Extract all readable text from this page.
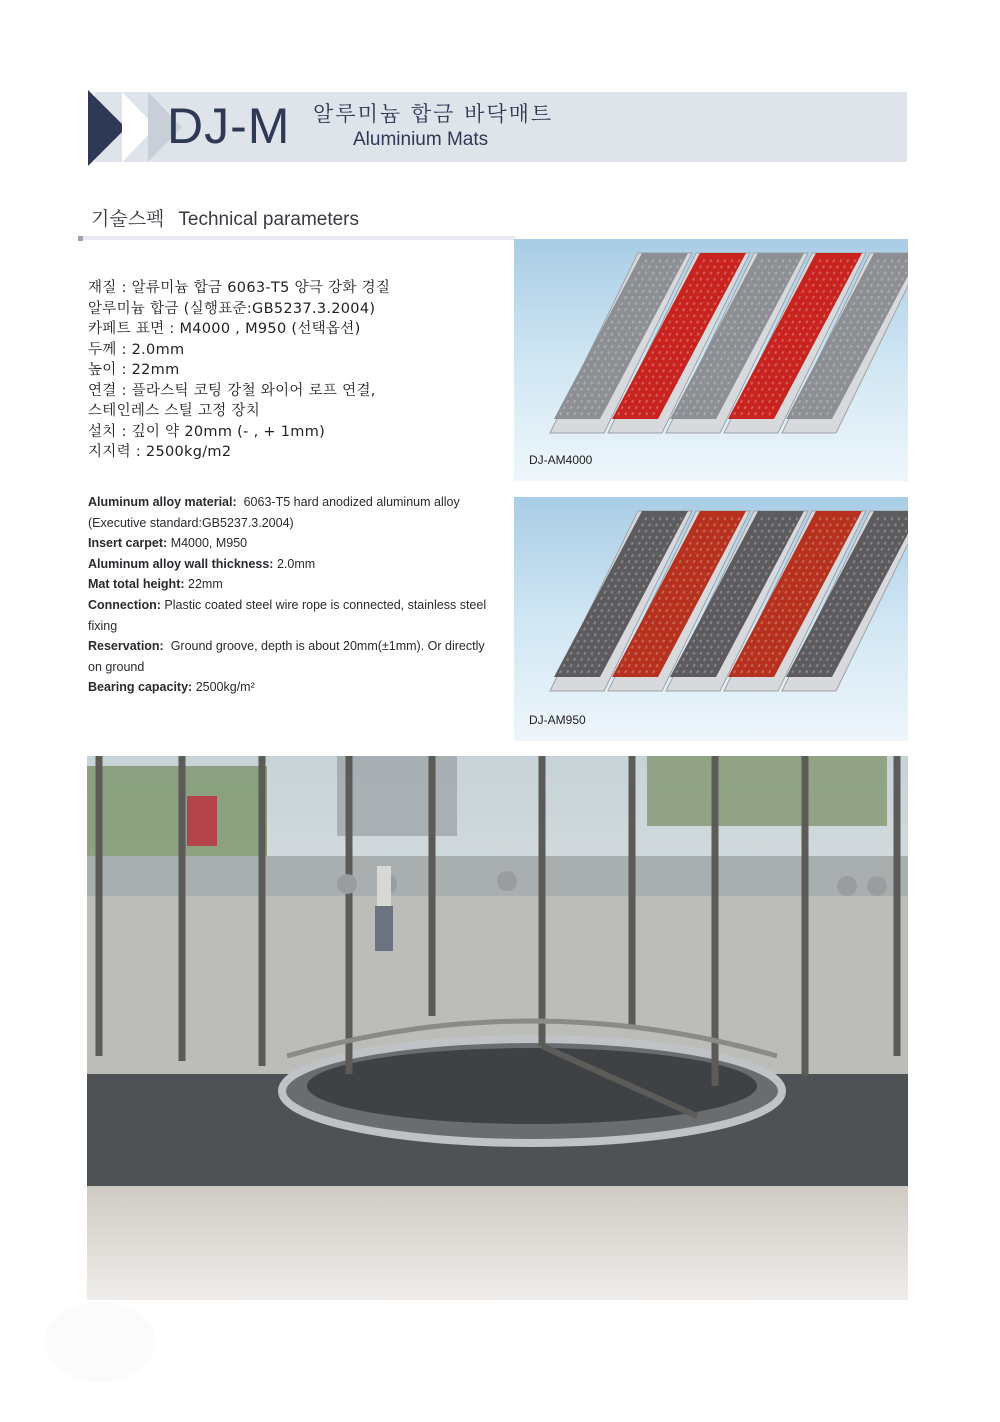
DJ-M 알루미늄 합금 바닥매트
Aluminium Mats
기술스펙 Technical parameters
재질 : 알류미늄 합금 6063-T5 양극 강화 경질
알루미늄 합금 (실행표준:GB5237.3.2004)
카페트 표면 : M4000 , M950 (선택옵션)
두께 : 2.0mm
높이 : 22mm
연결 : 플라스틱 코팅 강철 와이어 로프 연결,
스테인레스 스틸 고정 장치
설치 : 깊이 약 20mm (- , + 1mm)
지지력 : 2500kg/m2
Aluminum alloy material: 6063-T5 hard anodized aluminum alloy (Executive standard:GB5237.3.2004)
Insert carpet: M4000, M950
Aluminum alloy wall thickness: 2.0mm
Mat total height: 22mm
Connection: Plastic coated steel wire rope is connected, stainless steel fixing
Reservation: Ground groove, depth is about 20mm(±1mm). Or directly on ground
Bearing capacity: 2500kg/m²
DJ-AM4000
DJ-AM950
